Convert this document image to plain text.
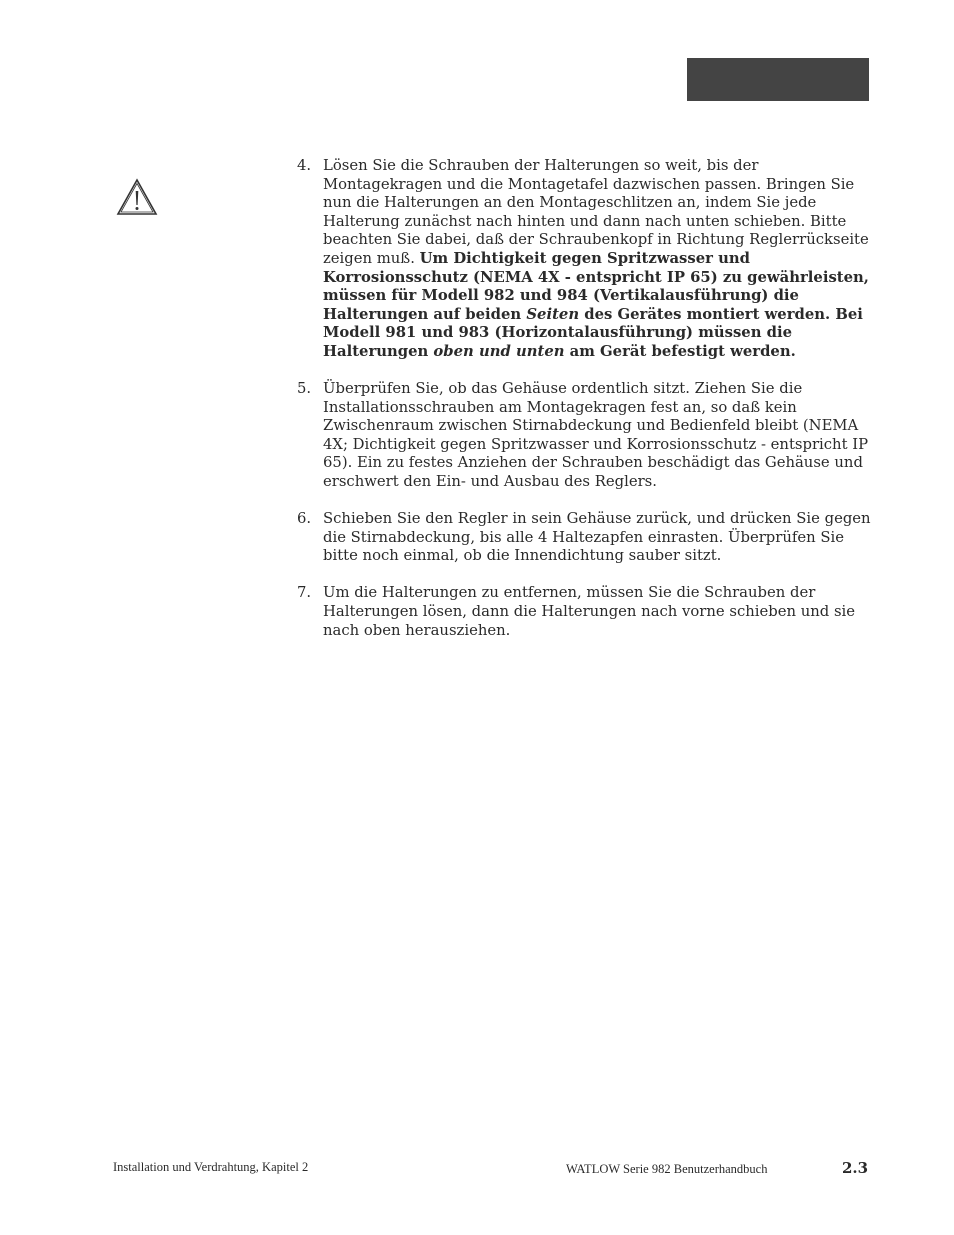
4. Lösen Sie die Schrauben der Halterungen so weit, bis der Montagekragen und die Montagetafel dazwischen passen. Bringen Sie nun die Halterungen an den Montageschlitzen an, indem Sie jede Halterung zunächst nach hinten und dann nach unten schieben. Bitte beachten Sie dabei, daß der Schraubenkopf in Richtung Reglerrückseite zeigen muß. Um Dichtigkeit gegen Spritzwasser und Korrosionsschutz (NEMA 4X - entspricht IP 65) zu gewährleisten, müssen für Modell 982 und 984 (Vertikalausführung) die Halterungen auf beiden Seiten des Gerätes montiert werden. Bei Modell 981 und 983 (Horizontalausführung) müssen die Halterungen oben und unten am Gerät befestigt werden.
5. Überprüfen Sie, ob das Gehäuse ordentlich sitzt. Ziehen Sie die Installationsschrauben am Montagekragen fest an, so daß kein Zwischenraum zwischen Stirnabdeckung und Bedienfeld bleibt (NEMA 4X; Dichtigkeit gegen Spritzwasser und Korrosionsschutz - entspricht IP 65). Ein zu festes Anziehen der Schrauben beschädigt das Gehäuse und erschwert den Ein- und Ausbau des Reglers.
6. Schieben Sie den Regler in sein Gehäuse zurück, und drücken Sie gegen die Stirnabdeckung, bis alle 4 Haltezapfen einrasten. Überprüfen Sie bitte noch einmal, ob die Innendichtung sauber sitzt.
7. Um die Halterungen zu entfernen, müssen Sie die Schrauben der Halterungen lösen, dann die Halterungen nach vorne schieben und sie nach oben herausziehen.
Installation und Verdrahtung, Kapitel 2	WATLOW Serie 982 Benutzerhandbuch	2.3
